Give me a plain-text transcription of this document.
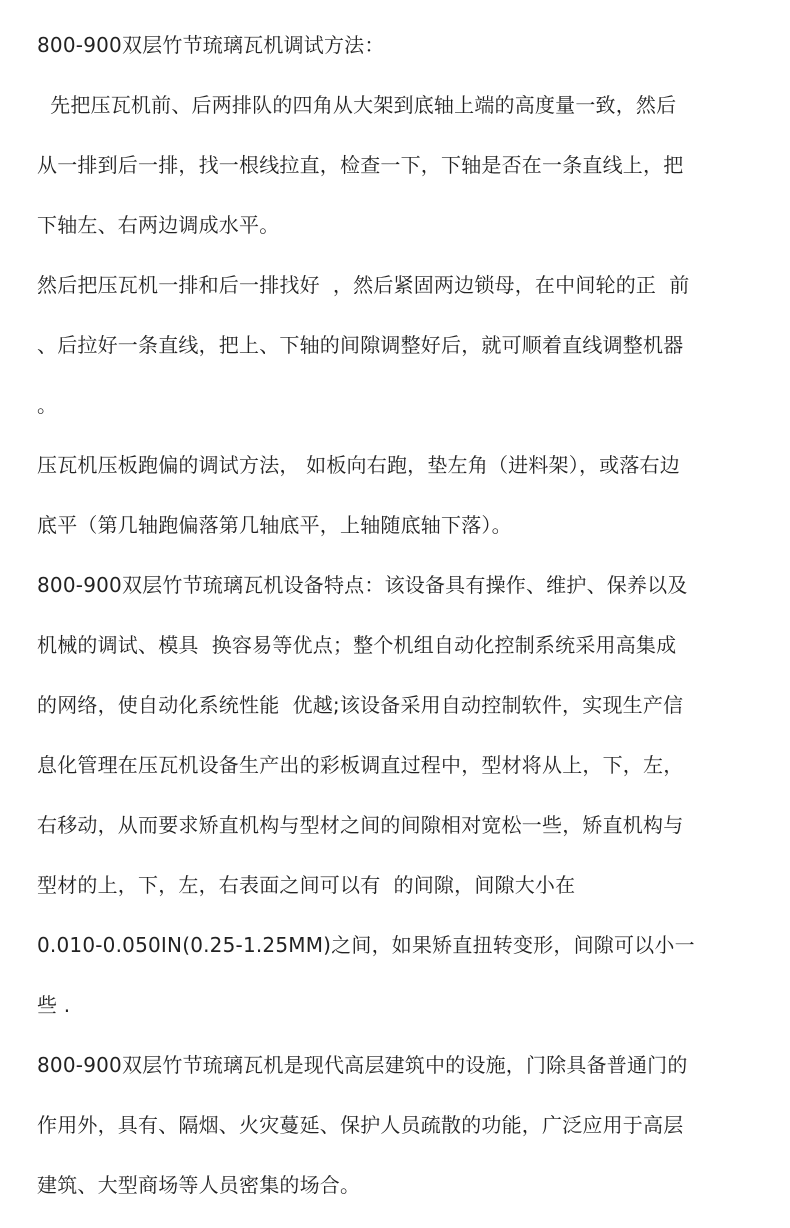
800-900双层竹节琉璃瓦机调试方法：
先把压瓦机前、后两排队的四角从大架到底轴上端的高度量一致，然后
从一排到后一排，找一根线拉直，检查一下，下轴是否在一条直线上，把
下轴左、右两边调成水平。
然后把压瓦机一排和后一排找好  ，然后紧固两边锁母，在中间轮的正  前
、后拉好一条直线，把上、下轴的间隙调整好后，就可顺着直线调整机器
。
压瓦机压板跑偏的调试方法， 如板向右跑，垫左角（进料架），或落右边
底平（第几轴跑偏落第几轴底平，上轴随底轴下落）。
800-900双层竹节琉璃瓦机设备特点：该设备具有操作、维护、保养以及
机械的调试、模具  换容易等优点；整个机组自动化控制系统采用高集成
的网络，使自动化系统性能  优越;该设备采用自动控制软件，实现生产信
息化管理在压瓦机设备生产出的彩板调直过程中，型材将从上，下，左，
右移动，从而要求矫直机构与型材之间的间隙相对宽松一些，矫直机构与
型材的上，下，左，右表面之间可以有  的间隙，间隙大小在
0.010-0.050IN(0.25-1.25MM)之间，如果矫直扭转变形，间隙可以小一
些 .
800-900双层竹节琉璃瓦机是现代高层建筑中的设施，门除具备普通门的
作用外，具有、隔烟、火灾蔓延、保护人员疏散的功能，广泛应用于高层
建筑、大型商场等人员密集的场合。
